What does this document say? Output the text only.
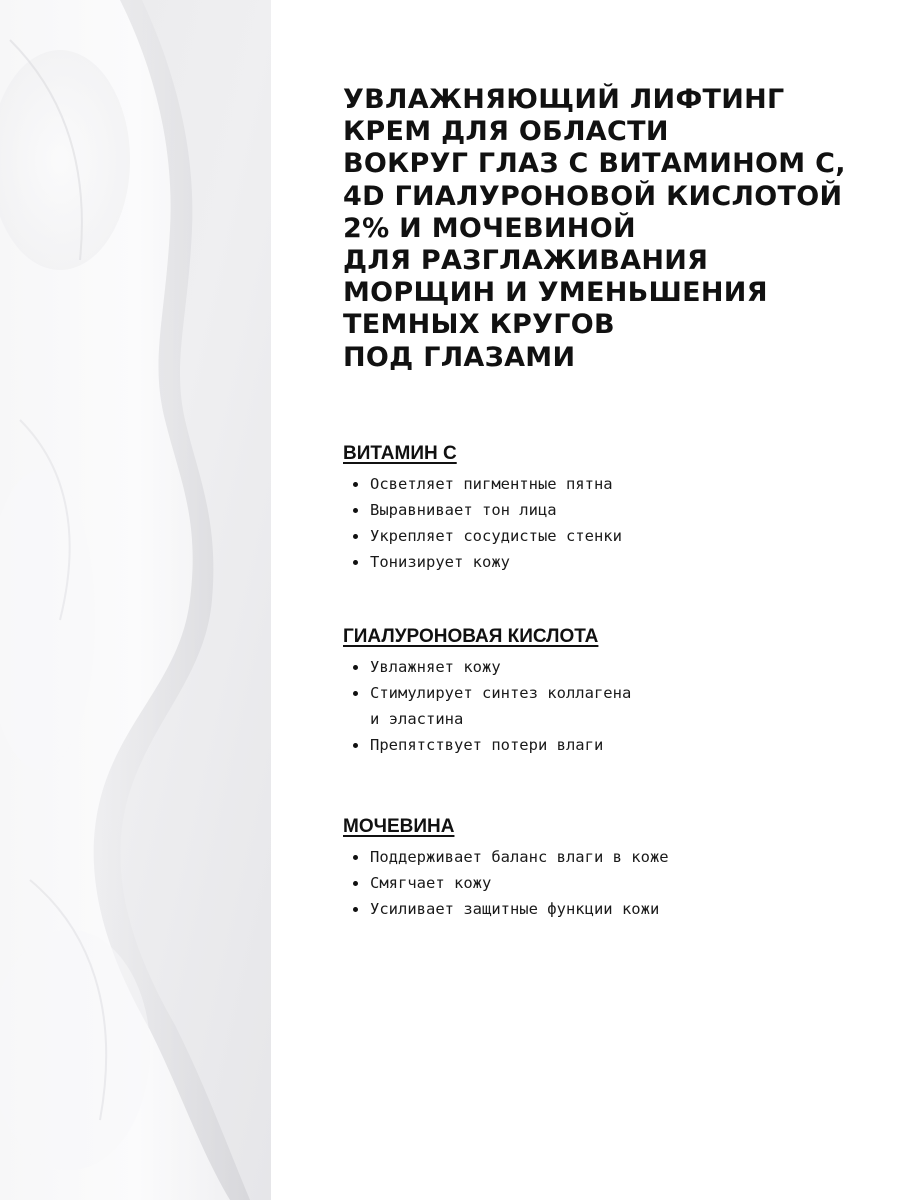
УВЛАЖНЯЮЩИЙ ЛИФТИНГ
КРЕМ ДЛЯ ОБЛАСТИ
ВОКРУГ ГЛАЗ С ВИТАМИНОМ С,
4D ГИАЛУРОНОВОЙ КИСЛОТОЙ
2% И МОЧЕВИНОЙ
ДЛЯ РАЗГЛАЖИВАНИЯ
МОРЩИН И УМЕНЬШЕНИЯ
ТЕМНЫХ КРУГОВ
ПОД ГЛАЗАМИ
ВИТАМИН С
Осветляет пигментные пятна
Выравнивает тон лица
Укрепляет сосудистые стенки
Тонизирует кожу
ГИАЛУРОНОВАЯ КИСЛОТА
Увлажняет кожу
Стимулирует синтез коллагена
и эластина
Препятствует потери влаги
МОЧЕВИНА
Поддерживает баланс влаги в коже
Смягчает кожу
Усиливает защитные функции кожи
